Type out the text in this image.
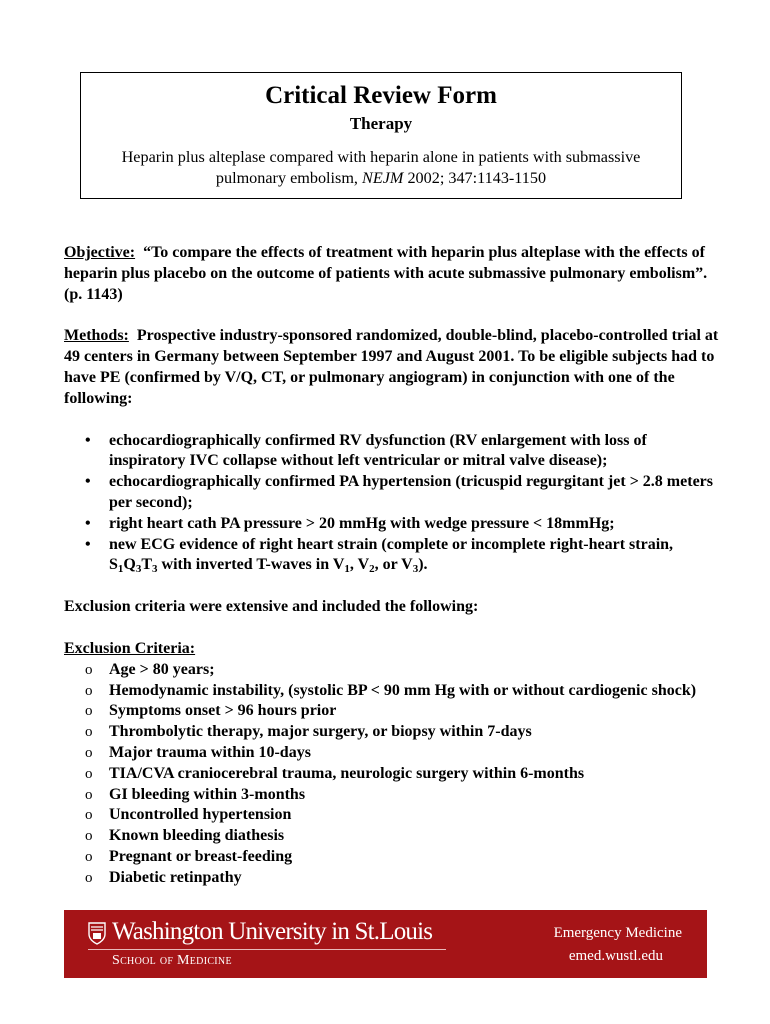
Critical Review Form
Therapy
Heparin plus alteplase compared with heparin alone in patients with submassive
pulmonary embolism, NEJM 2002; 347:1143-1150

Objective: “To compare the effects of treatment with heparin plus alteplase with the effects of heparin plus placebo on the outcome of patients with acute submassive pulmonary embolism”. (p. 1143)

Methods: Prospective industry-sponsored randomized, double-blind, placebo-controlled trial at 49 centers in Germany between September 1997 and August 2001. To be eligible subjects had to have PE (confirmed by V/Q, CT, or pulmonary angiogram) in conjunction with one of the following:

• echocardiographically confirmed RV dysfunction (RV enlargement with loss of inspiratory IVC collapse without left ventricular or mitral valve disease);
• echocardiographically confirmed PA hypertension (tricuspid regurgitant jet > 2.8 meters per second);
• right heart cath PA pressure > 20 mmHg with wedge pressure < 18mmHg;
• new ECG evidence of right heart strain (complete or incomplete right-heart strain, $S_1Q_3T_3$ with inverted T-waves in $V_1$, $V_2$, or $V_3$).

Exclusion criteria were extensive and included the following:

Exclusion Criteria:

o Age > 80 years;
o Hemodynamic instability, (systolic BP < 90 mm Hg with or without cardiogenic shock)
o Symptoms onset > 96 hours prior
o Thrombolytic therapy, major surgery, or biopsy within 7-days
o Major trauma within 10-days
o TIA/CVA craniocerebral trauma, neurologic surgery within 6-months
o GI bleeding within 3-months
o Uncontrolled hypertension
o Known bleeding diathesis
o Pregnant or breast-feeding
o Diabetic retinpathy
Washington University in St.Louis
School of Medicine
Emergency Medicine
emed.wustl.edu
